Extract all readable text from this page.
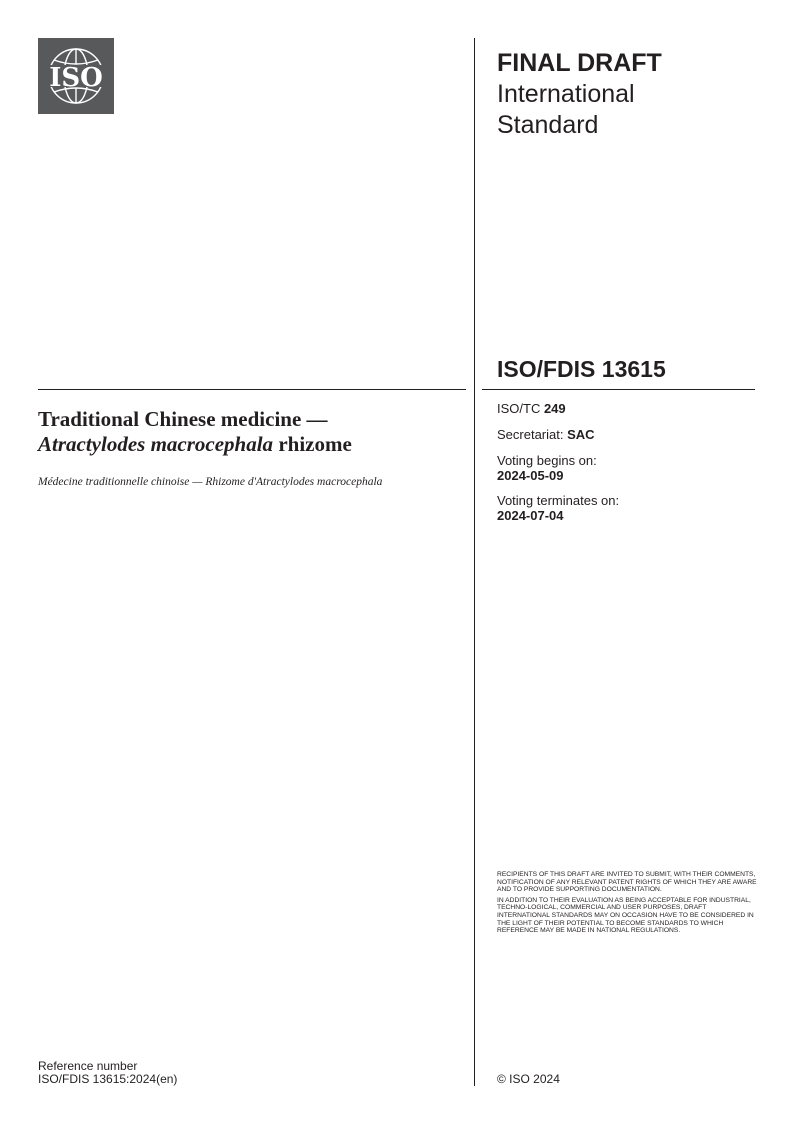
ISO	FINAL DRAFT
International
Standard
ISO/FDIS 13615
ISO/TC 249
Secretariat: SAC
Voting begins on:
2024-05-09
Voting terminates on:
2024-07-04
Traditional Chinese medicine —
Atractylodes macrocephala rhizome
Médecine traditionnelle chinoise — Rhizome d'Atractylodes macrocephala

RECIPIENTS OF THIS DRAFT ARE INVITED TO SUBMIT, WITH THEIR COMMENTS, NOTIFICATION OF ANY RELEVANT PATENT RIGHTS OF WHICH THEY ARE AWARE AND TO PROVIDE SUPPORTING DOCUMENTATION.

IN ADDITION TO THEIR EVALUATION AS BEING ACCEPTABLE FOR INDUSTRIAL, TECHNO-LOGICAL, COMMERCIAL AND USER PURPOSES, DRAFT INTERNATIONAL STANDARDS MAY ON OCCASION HAVE TO BE CONSIDERED IN THE LIGHT OF THEIR POTENTIAL TO BECOME STANDARDS TO WHICH REFERENCE MAY BE MADE IN NATIONAL REGULATIONS.

Reference number
ISO/FDIS 13615:2024(en)	© ISO 2024
